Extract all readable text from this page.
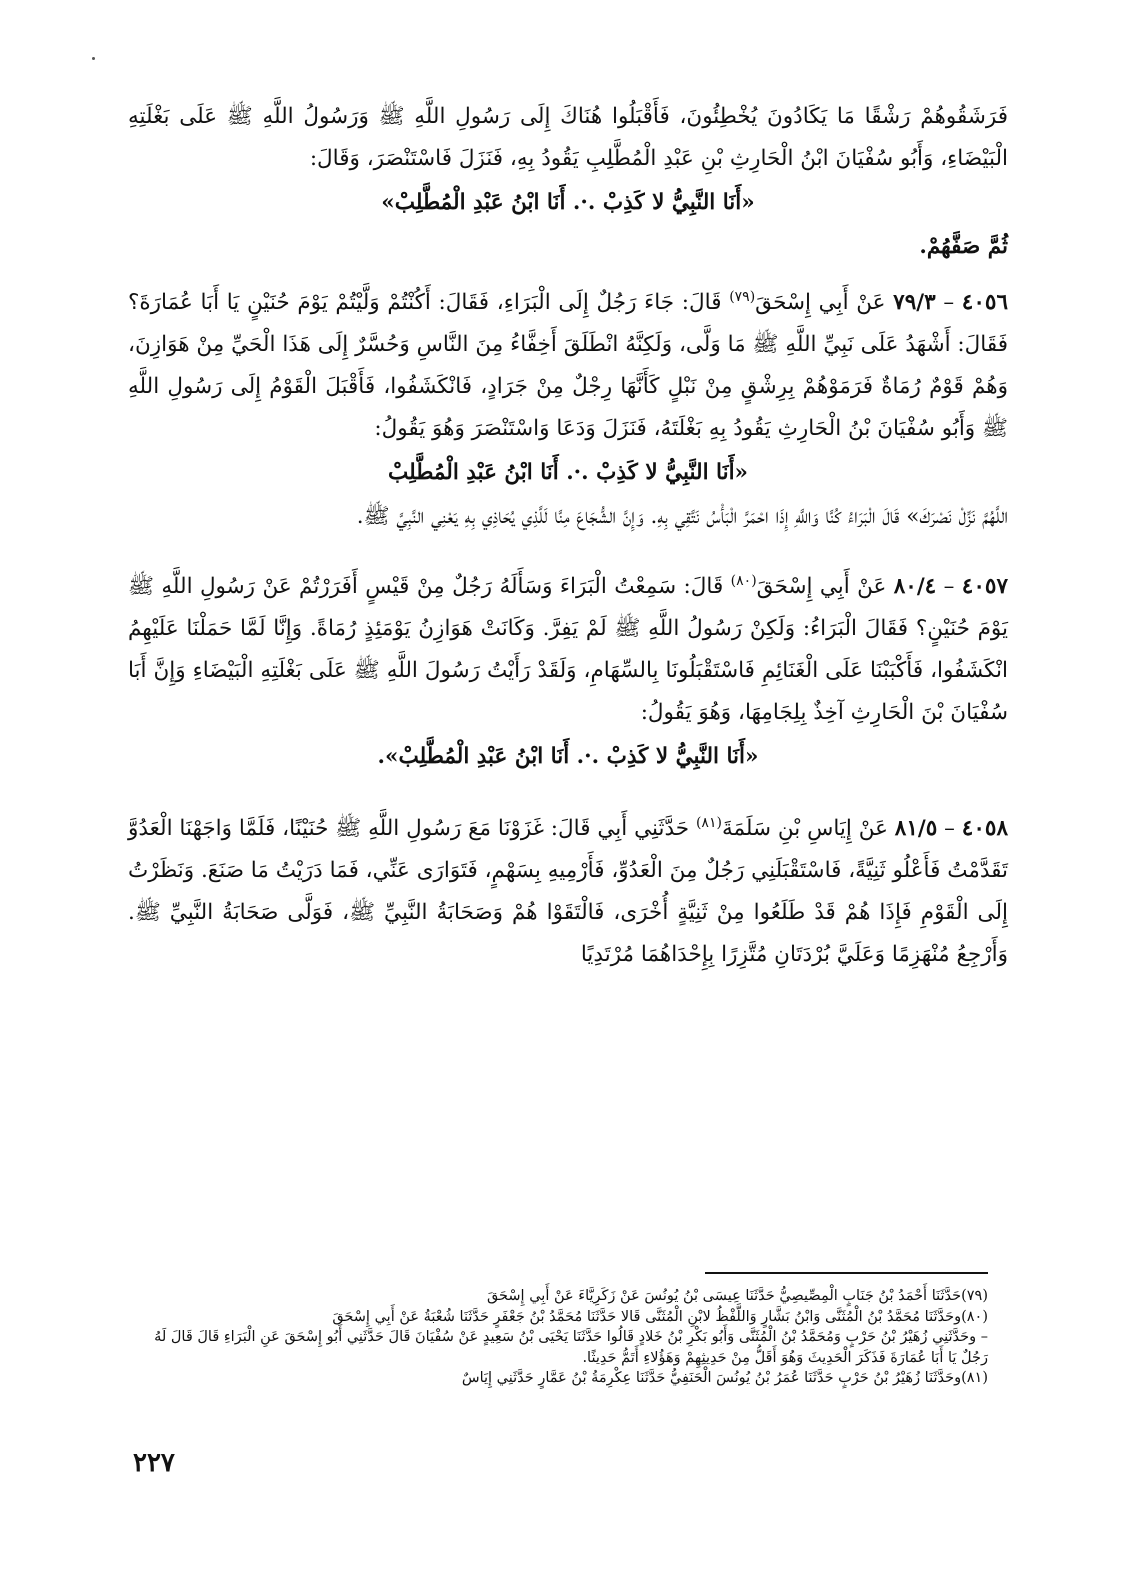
فَرَشَقُوهُمْ رَشْقًا مَا يَكَادُونَ يُخْطِئُونَ، فَأَقْبَلُوا هُنَاكَ إِلَى رَسُولِ اللَّهِ ﷺ وَرَسُولُ اللَّهِ ﷺ عَلَى بَغْلَتِهِ الْبَيْضَاءِ، وَأَبُو سُفْيَانَ ابْنُ الْحَارِثِ بْنِ عَبْدِ الْمُطَّلِبِ يَقُودُ بِهِ، فَنَزَلَ فَاسْتَنْصَرَ، وَقَالَ:

«أَنَا النَّبِيُّ لا كَذِبْ .·. أَنَا ابْنُ عَبْدِ الْمُطَّلِبْ»
ثُمَّ صَفَّهُمْ.

٤٠٥٦ – ٧٩/٣ عَنْ أَبِي إِسْحَقَ$^{(٧٩)}$ قَالَ: جَاءَ رَجُلٌ إِلَى الْبَرَاءِ، فَقَالَ: أَكُنْتُمْ وَلَّيْتُمْ يَوْمَ حُنَيْنٍ يَا أَبَا عُمَارَةَ؟ فَقَالَ: أَشْهَدُ عَلَى نَبِيِّ اللَّهِ ﷺ مَا وَلَّى، وَلَكِنَّهُ انْطَلَقَ أَخِفَّاءُ مِنَ النَّاسِ وَحُسَّرٌ إِلَى هَذَا الْحَيِّ مِنْ هَوَازِنَ، وَهُمْ قَوْمٌ رُمَاةٌ فَرَمَوْهُمْ بِرِشْقٍ مِنْ نَبْلٍ كَأَنَّهَا رِجْلٌ مِنْ جَرَادٍ، فَانْكَشَفُوا، فَأَقْبَلَ الْقَوْمُ إِلَى رَسُولِ اللَّهِ ﷺ وَأَبُو سُفْيَانَ بْنُ الْحَارِثِ يَقُودُ بِهِ بَغْلَتَهُ، فَنَزَلَ وَدَعَا وَاسْتَنْصَرَ وَهُوَ يَقُولُ:

«أَنَا النَّبِيُّ لا كَذِبْ .·. أَنَا ابْنُ عَبْدِ الْمُطَّلِبْ

اللَّهُمَّ نَزِّلْ نَصْرَكَ» قَالَ الْبَرَاءُ كُنَّا وَاللَّهِ إِذَا احْمَرَّ الْبَأْسُ نَتَّقِي بِهِ. وَإِنَّ الشُّجَاعَ مِنَّا لَلَّذِي يُحَاذِي بِهِ يَعْنِي النَّبِيَّ ﷺ.

٤٠٥٧ – ٨٠/٤ عَنْ أَبِي إِسْحَقَ$^{(٨٠)}$ قَالَ: سَمِعْتُ الْبَرَاءَ وَسَأَلَهُ رَجُلٌ مِنْ قَيْسٍ أَفَرَرْتُمْ عَنْ رَسُولِ اللَّهِ ﷺ يَوْمَ حُنَيْنٍ؟ فَقَالَ الْبَرَاءُ: وَلَكِنْ رَسُولُ اللَّهِ ﷺ لَمْ يَفِرَّ. وَكَانَتْ هَوَازِنُ يَوْمَئِذٍ رُمَاةً. وَإِنَّا لَمَّا حَمَلْنَا عَلَيْهِمُ انْكَشَفُوا، فَأَكْبَبْنَا عَلَى الْغَنَائِمِ فَاسْتَقْبَلُونَا بِالسِّهَامِ، وَلَقَدْ رَأَيْتُ رَسُولَ اللَّهِ ﷺ عَلَى بَغْلَتِهِ الْبَيْضَاءِ وَإِنَّ أَبَا سُفْيَانَ بْنَ الْحَارِثِ آخِذٌ بِلِجَامِهَا، وَهُوَ يَقُولُ:

«أَنَا النَّبِيُّ لا كَذِبْ .·. أَنَا ابْنُ عَبْدِ الْمُطَّلِبْ».

٤٠٥٨ – ٨١/٥ عَنْ إِيَاسِ بْنِ سَلَمَةَ$^{(٨١)}$ حَدَّثَنِي أَبِي قَالَ: غَزَوْنَا مَعَ رَسُولِ اللَّهِ ﷺ حُنَيْنًا، فَلَمَّا وَاجَهْنَا الْعَدُوَّ تَقَدَّمْتُ فَأَعْلُو ثَنِيَّةً، فَاسْتَقْبَلَنِي رَجُلٌ مِنَ الْعَدُوِّ، فَأَرْمِيهِ بِسَهْمٍ، فَتَوَارَى عَنِّي، فَمَا دَرَيْتُ مَا صَنَعَ. وَنَظَرْتُ إِلَى الْقَوْمِ فَإِذَا هُمْ قَدْ طَلَعُوا مِنْ ثَنِيَّةٍ أُخْرَى، فَالْتَقَوْا هُمْ وَصَحَابَةُ النَّبِيِّ ﷺ، فَوَلَّى صَحَابَةُ النَّبِيِّ ﷺ. وَأَرْجِعُ مُنْهَزِمًا وَعَلَيَّ بُرْدَتَانِ مُتَّزِرًا بِإِحْدَاهُمَا مُرْتَدِيًا

(٧٩)حَدَّثَنَا أَحْمَدُ بْنُ جَنَابٍ الْمِصِّيصِيُّ حَدَّثَنَا عِيسَى بْنُ يُونُسَ عَنْ زَكَرِيَّاءَ عَنْ أَبِي إِسْحَقَ

(٨٠)وحَدَّثَنَا مُحَمَّدُ بْنُ الْمُثَنَّى وَابْنُ بَشَّارٍ وَاللَّفْظُ لابْنِ الْمُثَنَّى قَالا حَدَّثَنَا مُحَمَّدُ بْنُ جَعْفَرٍ حَدَّثَنَا شُعْبَةُ عَنْ أَبِي إِسْحَقَ

– وحَدَّثَنِي زُهَيْرُ بْنُ حَرْبٍ وَمُحَمَّدُ بْنُ الْمُثَنَّى وَأَبُو بَكْرِ بْنُ خَلادٍ قَالُوا حَدَّثَنَا يَحْيَى بْنُ سَعِيدٍ عَنْ سُفْيَانَ قَالَ حَدَّثَنِي أَبُو إِسْحَقَ عَنِ الْبَرَاءِ قَالَ قَالَ لَهُ رَجُلٌ يَا أَبَا عُمَارَةَ فَذَكَرَ الْحَدِيثَ وَهُوَ أَقَلُّ مِنْ حَدِيثِهِمْ وَهَؤُلاءِ أَتَمُّ حَدِيثًا.

(٨١)وحَدَّثَنَا زُهَيْرُ بْنُ حَرْبٍ حَدَّثَنَا عُمَرُ بْنُ يُونُسَ الْحَنَفِيُّ حَدَّثَنَا عِكْرِمَةُ بْنُ عَمَّارٍ حَدَّثَنِي إِيَاسٌ

٢٢٧
